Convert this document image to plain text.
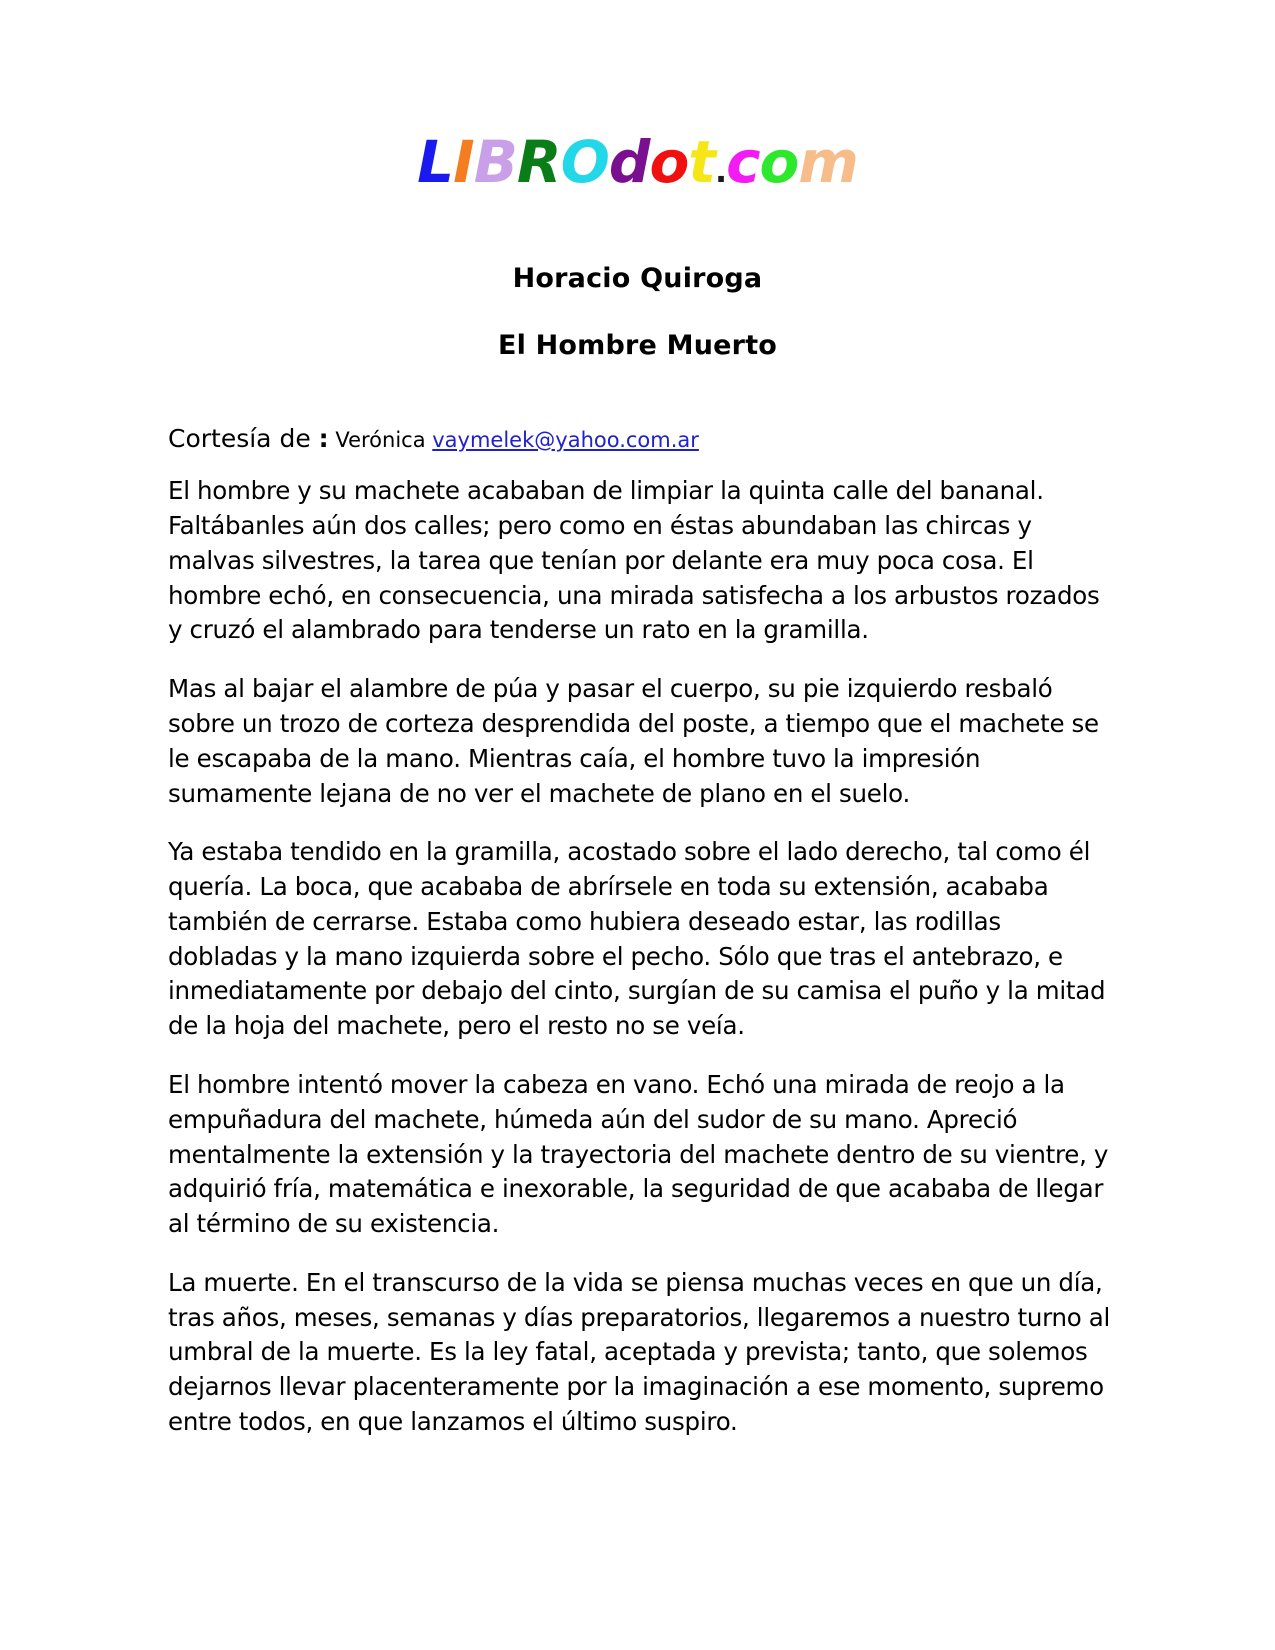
LIBROdot.com
Horacio Quiroga
El Hombre Muerto

Cortesía de : Verónica vaymelek@yahoo.com.ar

El hombre y su machete acababan de limpiar la quinta calle del bananal. Faltábanles aún dos calles; pero como en éstas abundaban las chircas y malvas silvestres, la tarea que tenían por delante era muy poca cosa. El hombre echó, en consecuencia, una mirada satisfecha a los arbustos rozados y cruzó el alambrado para tenderse un rato en la gramilla.

Mas al bajar el alambre de púa y pasar el cuerpo, su pie izquierdo resbaló sobre un trozo de corteza desprendida del poste, a tiempo que el machete se le escapaba de la mano. Mientras caía, el hombre tuvo la impresión sumamente lejana de no ver el machete de plano en el suelo.

Ya estaba tendido en la gramilla, acostado sobre el lado derecho, tal como él quería. La boca, que acababa de abrírsele en toda su extensión, acababa también de cerrarse. Estaba como hubiera deseado estar, las rodillas dobladas y la mano izquierda sobre el pecho. Sólo que tras el antebrazo, e inmediatamente por debajo del cinto, surgían de su camisa el puño y la mitad de la hoja del machete, pero el resto no se veía.

El hombre intentó mover la cabeza en vano. Echó una mirada de reojo a la empuñadura del machete, húmeda aún del sudor de su mano. Apreció mentalmente la extensión y la trayectoria del machete dentro de su vientre, y adquirió fría, matemática e inexorable, la seguridad de que acababa de llegar al término de su existencia.

La muerte. En el transcurso de la vida se piensa muchas veces en que un día, tras años, meses, semanas y días preparatorios, llegaremos a nuestro turno al umbral de la muerte. Es la ley fatal, aceptada y prevista; tanto, que solemos dejarnos llevar placenteramente por la imaginación a ese momento, supremo entre todos, en que lanzamos el último suspiro.
